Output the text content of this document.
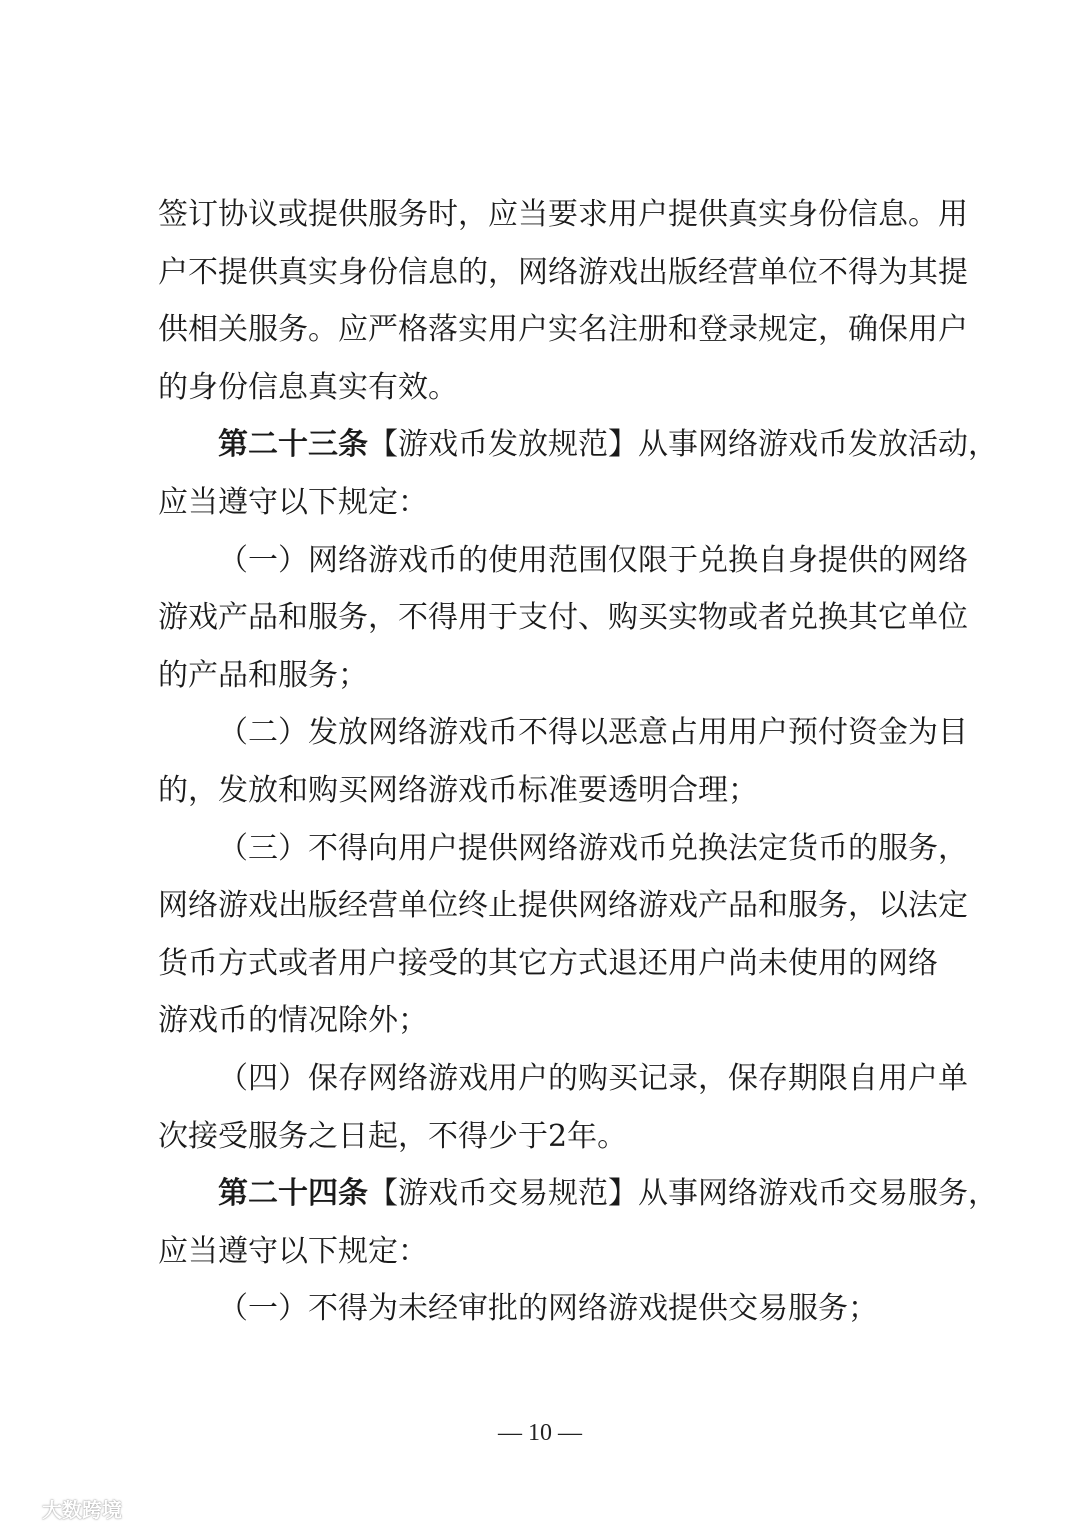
签订协议或提供服务时，应当要求用户提供真实身份信息。用
户不提供真实身份信息的，网络游戏出版经营单位不得为其提
供相关服务。应严格落实用户实名注册和登录规定，确保用户
的身份信息真实有效。
第二十三条【游戏币发放规范】从事网络游戏币发放活动，
应当遵守以下规定：
（一）网络游戏币的使用范围仅限于兑换自身提供的网络
游戏产品和服务，不得用于支付、购买实物或者兑换其它单位
的产品和服务；
（二）发放网络游戏币不得以恶意占用用户预付资金为目
的，发放和购买网络游戏币标准要透明合理；
（三）不得向用户提供网络游戏币兑换法定货币的服务，
网络游戏出版经营单位终止提供网络游戏产品和服务，以法定
货币方式或者用户接受的其它方式退还用户尚未使用的网络
游戏币的情况除外；
（四）保存网络游戏用户的购买记录，保存期限自用户单
次接受服务之日起，不得少于2年。
第二十四条【游戏币交易规范】从事网络游戏币交易服务，
应当遵守以下规定：
（一）不得为未经审批的网络游戏提供交易服务；
— 10 —
大数跨境
